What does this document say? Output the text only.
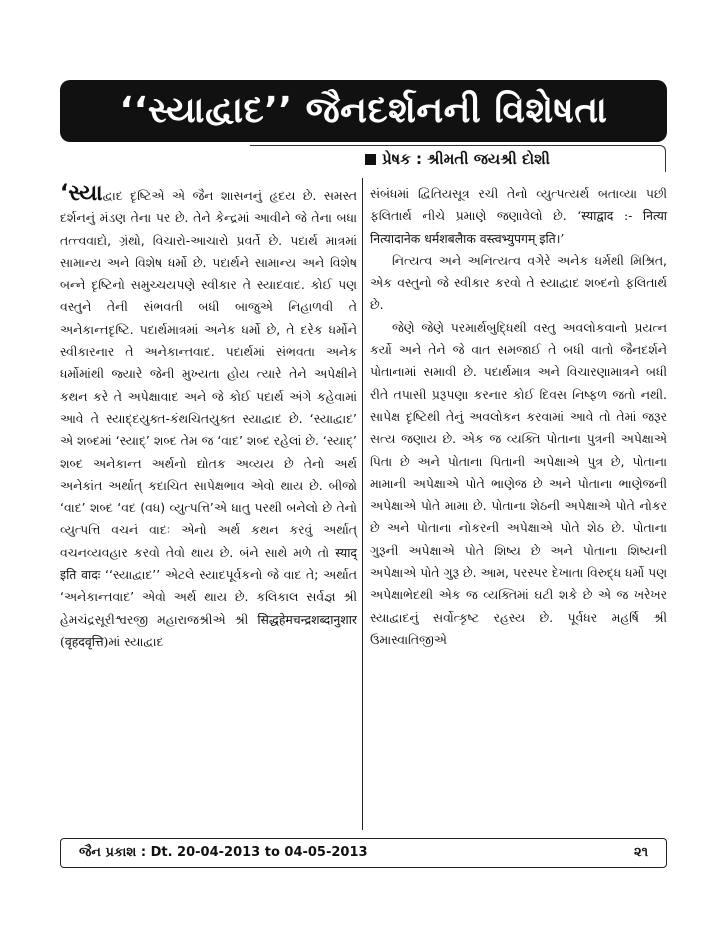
‘‘સ્યાદ્વાદ’’ જૈનદર્શનની વિશેષતા
પ્રેષક : શ્રીમતી જયશ્રી દોશી

‘સ્યાદ્વાદ દૃષ્ટિએ એ જૈન શાસનનું હૃદય છે. સમસ્ત દર્શનનું મંડણ તેના પર છે. તેને કેન્દ્રમાં આવીને જે તેના બધા તત્ત્વવાદો, ગ્રંથો, વિચારો-આચારો પ્રવર્તે છે. પદાર્થ માત્રમાં સામાન્ય અને વિશેષ ધર્મો છે. પદાર્થને સામાન્ય અને વિશેષ બન્ને દૃષ્ટિનો સમુચ્ચયપણે સ્વીકાર તે સ્યાદવાદ. કોઈ પણ વસ્તુને તેની સંભવતી બધી બાજુએ નિહાળવી તે અનેકાન્તદૃષ્ટિ. પદાર્થમાત્રમાં અનેક ધર્મો છે, તે દરેક ધર્મોને સ્વીકારનાર તે અનેકાન્તવાદ. પદાર્થમાં સંભવતા અનેક ધર્મોમાંથી જ્યારે જેની મુખ્યતા હોય ત્યારે તેને અપેક્ષીને કથન કરે તે અપેક્ષાવાદ અને જે કોઈ પદાર્થ અંગે કહેવામાં આવે તે સ્યાદ્દયુક્ત-કંથચિતયુક્ત સ્યાદ્વાદ છે. ‘સ્યાદ્વાદ’ એ શબ્દમાં ‘સ્યાદ્’ શબ્દ તેમ જ ‘વાદ’ શબ્દ રહેલાં છે. ‘સ્યાદ્’ શબ્દ અનેકાન્ત અર્થનો દ્યોતક અવ્યય છે તેનો અર્થ અનેકાંત અર્થાત્ કદાચિત સાપેક્ષભાવ એવો થાય છે. બીજો ‘વાદ’ શબ્દ ‘વદ (વધ) વ્યુત્પત્તિ’એ ધાતુ પરથી બનેલો છે તેનો વ્યુત્પત્તિ વચનં વાદઃ એનો અર્થ કથન કરવું અર્થાત્ વચનવ્યવહાર કરવો તેવો થાય છે. બંને સાથે મળે તો स्याद् इति वादः ‘‘સ્યાદ્વાદ’’ એટલે સ્યાદપૂર્વકનો જે વાદ તે; અર્થાત ‘અનેકાન્તવાદ’ એવો અર્થ થાય છે. કલિકાલ સર્વજ્ઞ શ્રી હેમચંદ્રસૂરીશ્વરજી મહારાજશ્રીએ શ્રી सिद्धहेमचन्द्रशब्दानुशार (वृहदवृत्ति)માં સ્યાદ્વાદ

સંબંધમાં દ્વિતિયસૂત્ર રચી તેનો વ્યુત્પત્યર્થ બતાવ્યા પછી ફલિતાર્થ નીચે પ્રમાણે જણાવેલો છે. ‘स्याद्वाद :- नित्या नित्यादानेक धर्मशबलैाक वस्त्वभ्युपगम् इति।’

નિત્યત્વ અને અનિત્યત્વ વગેરે અનેક ધર્મથી મિશ્રિત, એક વસ્તુનો જે સ્વીકાર કરવો તે સ્યાદ્વાદ શબ્દનો ફલિતાર્થ છે.

જેણે જેણે પરમાર્થબુદ્ધિથી વસ્તુ અવલોકવાનો પ્રયત્ન કર્યો અને તેને જે વાત સમજાઈ તે બધી વાતો જૈનદર્શને પોતાનામાં સમાવી છે. પદાર્થમાત્ર અને વિચારણામાત્રને બધી રીતે તપાસી પ્રરૂપણા કરનાર કોઈ દિવસ નિષ્ફળ જતો નથી. સાપેક્ષ દૃષ્ટિથી તેનું અવલોકન કરવામાં આવે તો તેમાં જરૂર સત્ય જણાય છે. એક જ વ્યક્તિ પોતાના પુત્રની અપેક્ષાએ પિતા છે અને પોતાના પિતાની અપેક્ષાએ પુત્ર છે, પોતાના મામાની અપેક્ષાએ પોતે ભાણેજ છે અને પોતાના ભાણેજની અપેક્ષાએ પોતે મામા છે. પોતાના શેઠની અપેક્ષાએ પોતે નોકર છે અને પોતાના નોકરની અપેક્ષાએ પોતે શેઠ છે. પોતાના ગુરૂની અપેક્ષાએ પોતે શિષ્ય છે અને પોતાના શિષ્યની અપેક્ષાએ પોતે ગુરૂ છે. આમ, પરસ્પર દેખાતા વિરુદ્ધ ધર્મો પણ અપેક્ષાભેદથી એક જ વ્યક્તિમાં ઘટી શકે છે એ જ ખરેખર સ્યાદ્વાદનું સર્વોત્કૃષ્ટ રહસ્ય છે. પૂર્વધર મહર્ષિ શ્રી ઉમાસ્વાતિજીએ

જૈન પ્રકાશ : Dt. 20-04-2013 to 04-05-2013	૨૧
